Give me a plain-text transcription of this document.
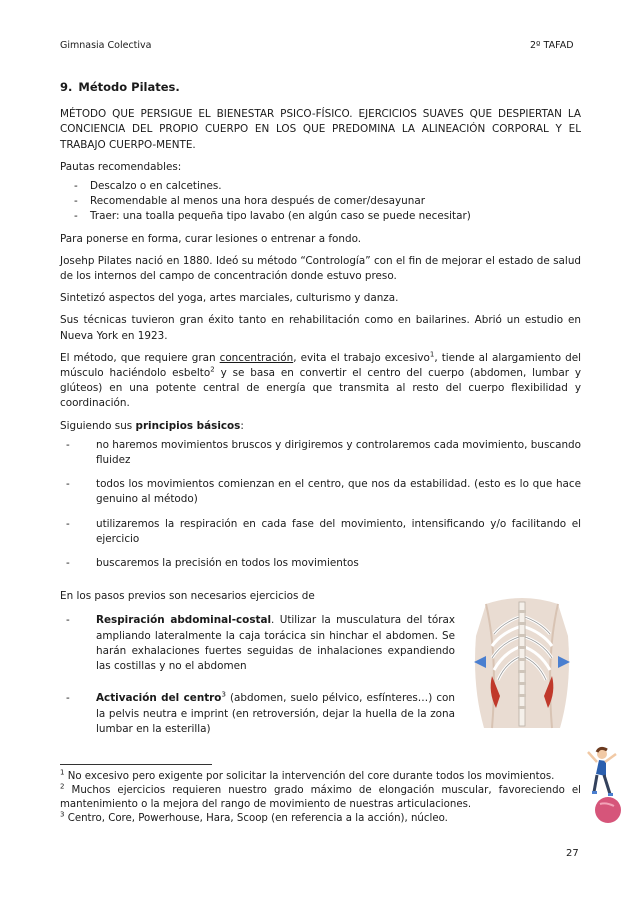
Gimnasia Colectiva	2º TAFAD
9. Método Pilates.

MÉTODO QUE PERSIGUE EL BIENESTAR PSICO-FÍSICO. EJERCICIOS SUAVES QUE DESPIERTAN LA CONCIENCIA DEL PROPIO CUERPO EN LOS QUE PREDOMINA LA ALINEACIÓN CORPORAL Y EL TRABAJO CUERPO-MENTE.

Pautas recomendables:

- Descalzo o en calcetines.
- Recomendable al menos una hora después de comer/desayunar
- Traer: una toalla pequeña tipo lavabo (en algún caso se puede necesitar)

Para ponerse en forma, curar lesiones o entrenar a fondo.

Josehp Pilates nació en 1880. Ideó su método “Contrología” con el fin de mejorar el estado de salud de los internos del campo de concentración donde estuvo preso.

Sintetizó aspectos del yoga, artes marciales, culturismo y danza.

Sus técnicas tuvieron gran éxito tanto en rehabilitación como en bailarines. Abrió un estudio en Nueva York en 1923.

El método, que requiere gran concentración, evita el trabajo excesivo$^1$, tiende al alargamiento del músculo haciéndolo esbelto$^2$ y se basa en convertir el centro del cuerpo (abdomen, lumbar y glúteos) en una potente central de energía que transmita al resto del cuerpo flexibilidad y coordinación.

Siguiendo sus principios básicos:

-	no haremos movimientos bruscos y dirigiremos y controlaremos cada movimiento, buscando fluidez
-	todos los movimientos comienzan en el centro, que nos da estabilidad. (esto es lo que hace genuino al método)
-	utilizaremos la respiración en cada fase del movimiento, intensificando y/o facilitando el ejercicio
-	buscaremos la precisión en todos los movimientos

En los pasos previos son necesarios ejercicios de

-	Respiración abdominal-costal. Utilizar la musculatura del tórax ampliando lateralmente la caja torácica sin hinchar el abdomen. Se harán exhalaciones fuertes seguidas de inhalaciones expandiendo las costillas y no el abdomen
-	Activación del centro$^3$ (abdomen, suelo pélvico, esfínteres…) con la pelvis neutra e imprint (en retroversión, dejar la huella de la zona lumbar en la esterilla)
$^1$ No excesivo pero exigente por solicitar la intervención del core durante todos los movimientos.
$^2$ Muchos ejercicios requieren nuestro grado máximo de elongación muscular, favoreciendo el mantenimiento o la mejora del rango de movimiento de nuestras articulaciones.
$^3$ Centro, Core, Powerhouse, Hara, Scoop (en referencia a la acción), núcleo.
27
